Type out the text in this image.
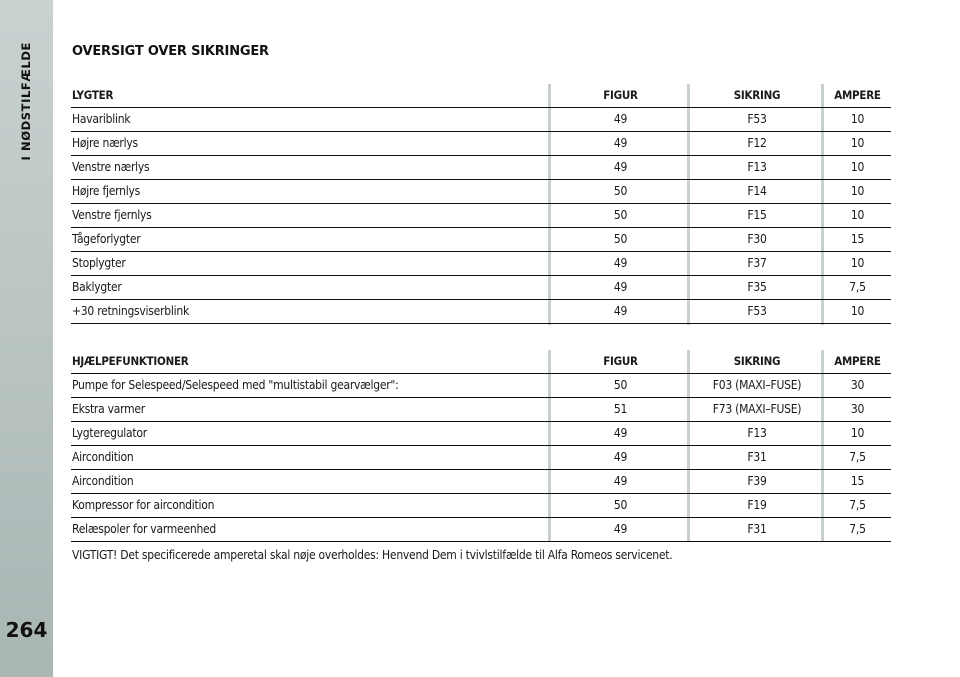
I NØDSTILFÆLDE
264
OVERSIGT OVER SIKRINGER
LYGTER	FIGUR	SIKRING	AMPERE
Havariblink	49	F53	10
Højre nærlys	49	F12	10
Venstre nærlys	49	F13	10
Højre fjernlys	50	F14	10
Venstre fjernlys	50	F15	10
Tågeforlygter	50	F30	15
Stoplygter	49	F37	10
Baklygter	49	F35	7,5
+30 retningsviserblink	49	F53	10
HJÆLPEFUNKTIONER	FIGUR	SIKRING	AMPERE
Pumpe for Selespeed/Selespeed med "multistabil gearvælger":	50	F03 (MAXI–FUSE)	30
Ekstra varmer	51	F73 (MAXI–FUSE)	30
Lygteregulator	49	F13	10
Aircondition	49	F31	7,5
Aircondition	49	F39	15
Kompressor for aircondition	50	F19	7,5
Relæspoler for varmeenhed	49	F31	7,5
VIGTIGT! Det specificerede amperetal skal nøje overholdes: Henvend Dem i tvivlstilfælde til Alfa Romeos servicenet.
